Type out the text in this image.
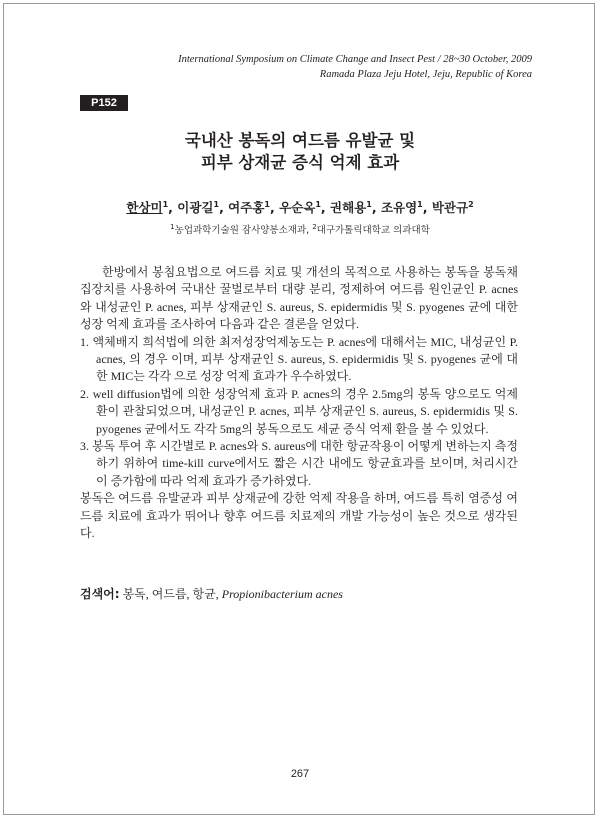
International Symposium on Climate Change and Insect Pest / 28~30 October, 2009
Ramada Plaza Jeju Hotel, Jeju, Republic of Korea
P152
국내산 봉독의 여드름 유발균 및
피부 상재균 증식 억제 효과
한상미$^1$, 이광길$^1$, 여주홍$^1$, 우순옥$^1$, 권해용$^1$, 조유영$^1$, 박관규$^2$
$^1$농업과학기술원 잠사양봉소재과, $^2$대구가톨릭대학교 의과대학

한방에서 봉침요법으로 여드름 치료 및 개선의 목적으로 사용하는 봉독을 봉독채집장치를 사용하여 국내산 꿀벌로부터 대량 분리, 정제하여 여드름 원인균인 P. acnes와 내성균인 P. acnes, 피부 상재균인 S. aureus, S. epidermidis 및 S. pyogenes 균에 대한 성장 억제 효과를 조사하여 다음과 같은 결론을 얻었다.

1. 액체배지 희석법에 의한 최저성장억제농도는 P. acnes에 대해서는 MIC, 내성균인 P. acnes, 의 경우 이며, 피부 상재균인 S. aureus, S. epidermidis 및 S. pyogenes 균에 대한 MIC는 각각 으로 성장 억제 효과가 우수하였다.

2. well diffusion법에 의한 성장억제 효과 P. acnes의 경우 2.5mg의 봉독 양으로도 억제환이 관찰되었으며, 내성균인 P. acnes, 피부 상재균인 S. aureus, S. epidermidis 및 S. pyogenes 균에서도 각각 5mg의 봉독으로도 세균 증식 억제 환을 볼 수 있었다.

3. 봉독 투여 후 시간별로 P. acnes와 S. aureus에 대한 항균작용이 어떻게 변하는지 측정하기 위하여 time-kill curve에서도 짧은 시간 내에도 항균효과를 보이며, 처리시간이 증가함에 따라 억제 효과가 증가하였다.

봉독은 여드름 유발균과 피부 상재균에 강한 억제 작용을 하며, 여드름 특히 염증성 여드름 치료에 효과가 뛰어나 향후 여드름 치료제의 개발 가능성이 높은 것으로 생각된다.

검색어: 봉독, 여드름, 항균, Propionibacterium acnes
267
